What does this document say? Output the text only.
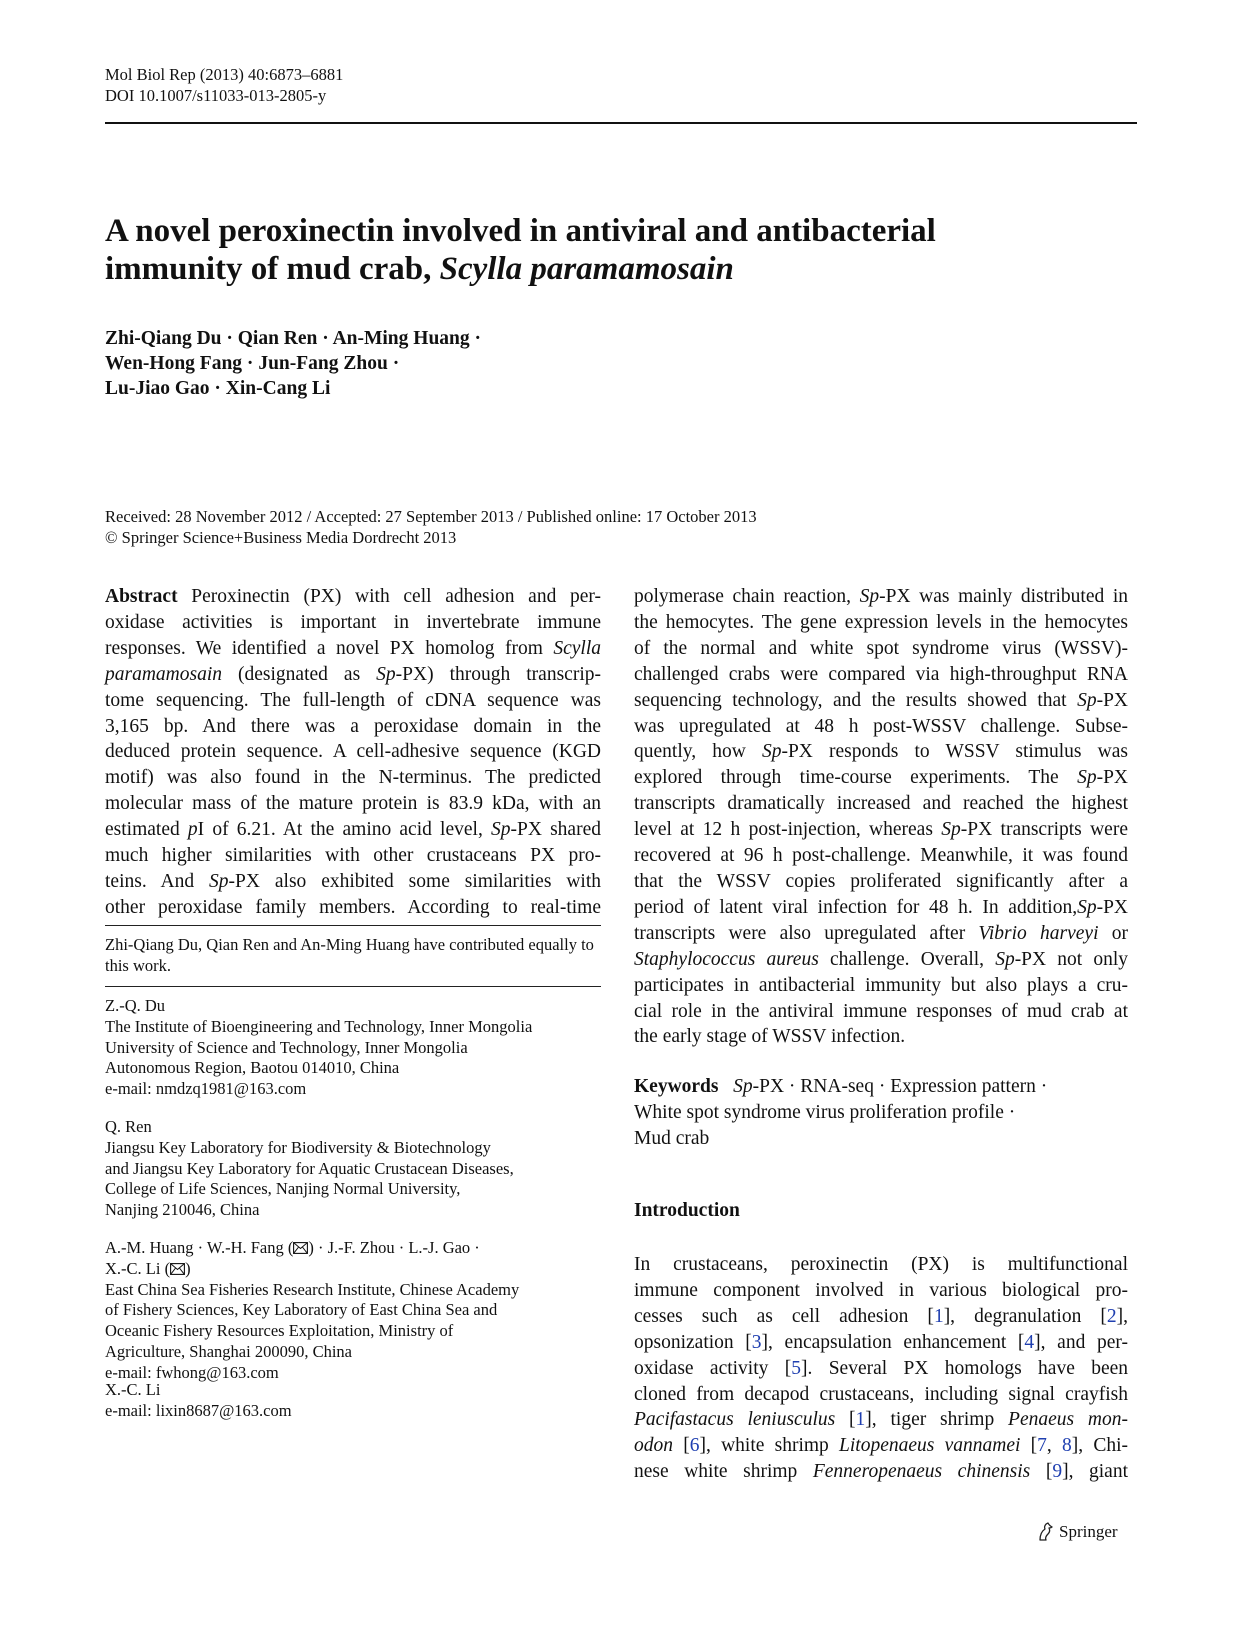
Mol Biol Rep (2013) 40:6873–6881
DOI 10.1007/s11033-013-2805-y
A novel peroxinectin involved in antiviral and antibacterial
immunity of mud crab, Scylla paramamosain
Zhi-Qiang Du · Qian Ren · An-Ming Huang ·
Wen-Hong Fang · Jun-Fang Zhou ·
Lu-Jiao Gao · Xin-Cang Li
Received: 28 November 2012 / Accepted: 27 September 2013 / Published online: 17 October 2013
© Springer Science+Business Media Dordrecht 2013
Abstract Peroxinectin (PX) with cell adhesion and per-
oxidase activities is important in invertebrate immune
responses. We identified a novel PX homolog from Scylla
paramamosain (designated as Sp-PX) through transcrip-
tome sequencing. The full-length of cDNA sequence was
3,165 bp. And there was a peroxidase domain in the
deduced protein sequence. A cell-adhesive sequence (KGD
motif) was also found in the N-terminus. The predicted
molecular mass of the mature protein is 83.9 kDa, with an
estimated pI of 6.21. At the amino acid level, Sp-PX shared
much higher similarities with other crustaceans PX pro-
teins. And Sp-PX also exhibited some similarities with
other peroxidase family members. According to real-time
Zhi-Qiang Du, Qian Ren and An-Ming Huang have contributed equally to this work.
Z.-Q. Du
The Institute of Bioengineering and Technology, Inner Mongolia
University of Science and Technology, Inner Mongolia
Autonomous Region, Baotou 014010, China
e-mail: nmdzq1981@163.com
Q. Ren
Jiangsu Key Laboratory for Biodiversity & Biotechnology
and Jiangsu Key Laboratory for Aquatic Crustacean Diseases,
College of Life Sciences, Nanjing Normal University,
Nanjing 210046, China
A.-M. Huang · W.-H. Fang ( ) · J.-F. Zhou · L.-J. Gao ·
X.-C. Li ( )
East China Sea Fisheries Research Institute, Chinese Academy
of Fishery Sciences, Key Laboratory of East China Sea and
Oceanic Fishery Resources Exploitation, Ministry of
Agriculture, Shanghai 200090, China
e-mail: fwhong@163.com
X.-C. Li
e-mail: lixin8687@163.com
polymerase chain reaction, Sp-PX was mainly distributed in
the hemocytes. The gene expression levels in the hemocytes
of the normal and white spot syndrome virus (WSSV)-
challenged crabs were compared via high-throughput RNA
sequencing technology, and the results showed that Sp-PX
was upregulated at 48 h post-WSSV challenge. Subse-
quently, how Sp-PX responds to WSSV stimulus was
explored through time-course experiments. The Sp-PX
transcripts dramatically increased and reached the highest
level at 12 h post-injection, whereas Sp-PX transcripts were
recovered at 96 h post-challenge. Meanwhile, it was found
that the WSSV copies proliferated significantly after a
period of latent viral infection for 48 h. In addition,Sp-PX
transcripts were also upregulated after Vibrio harveyi or
Staphylococcus aureus challenge. Overall, Sp-PX not only
participates in antibacterial immunity but also plays a cru-
cial role in the antiviral immune responses of mud crab at
the early stage of WSSV infection.
Keywords Sp-PX · RNA-seq · Expression pattern ·
White spot syndrome virus proliferation profile ·
Mud crab
Introduction
In crustaceans, peroxinectin (PX) is multifunctional
immune component involved in various biological pro-
cesses such as cell adhesion [1], degranulation [2],
opsonization [3], encapsulation enhancement [4], and per-
oxidase activity [5]. Several PX homologs have been
cloned from decapod crustaceans, including signal crayfish
Pacifastacus leniusculus [1], tiger shrimp Penaeus mon-
odon [6], white shrimp Litopenaeus vannamei [7, 8], Chi-
nese white shrimp Fenneropenaeus chinensis [9], giant
Springer
